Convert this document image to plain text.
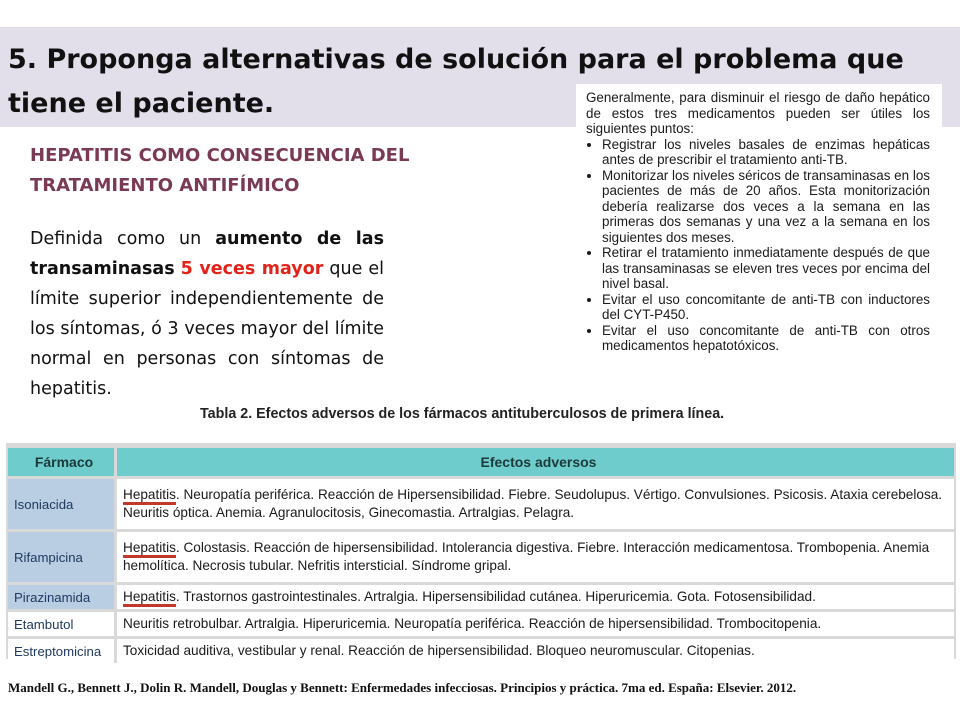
5. Proponga alternativas de solución para el problema que tiene el paciente.
HEPATITIS COMO CONSECUENCIA DEL TRATAMIENTO ANTIFÍMICO

Definida como un aumento de las transaminasas 5 veces mayor que el límite superior independientemente de los síntomas, ó 3 veces mayor del límite normal en personas con síntomas de hepatitis.

Generalmente, para disminuir el riesgo de daño hepático de estos tres medicamentos pueden ser útiles los siguientes puntos:

• Registrar los niveles basales de enzimas hepáticas antes de prescribir el tratamiento anti-TB.
• Monitorizar los niveles séricos de transaminasas en los pacientes de más de 20 años. Esta monitorización debería realizarse dos veces a la semana en las primeras dos semanas y una vez a la semana en los siguientes dos meses.
• Retirar el tratamiento inmediatamente después de que las transaminasas se eleven tres veces por encima del nivel basal.
• Evitar el uso concomitante de anti-TB con inductores del CYT-P450.
• Evitar el uso concomitante de anti-TB con otros medicamentos hepatotóxicos.

Tabla 2. Efectos adversos de los fármacos antituberculosos de primera línea.

Fármaco	Efectos adversos
Isoniacida	Hepatitis. Neuropatía periférica. Reacción de Hipersensibilidad. Fiebre. Seudolupus. Vértigo. Convulsiones. Psicosis. Ataxia cerebelosa. Neuritis óptica. Anemia. Agranulocitosis, Ginecomastia. Artralgias. Pelagra.
Rifampicina	Hepatitis. Colostasis. Reacción de hipersensibilidad. Intolerancia digestiva. Fiebre. Interacción medicamentosa. Trombopenia. Anemia hemolítica. Necrosis tubular. Nefritis intersticial. Síndrome gripal.
Pirazinamida	Hepatitis. Trastornos gastrointestinales. Artralgia. Hipersensibilidad cutánea. Hiperuricemia. Gota. Fotosensibilidad.
Etambutol	Neuritis retrobulbar. Artralgia. Hiperuricemia. Neuropatía periférica. Reacción de hipersensibilidad. Trombocitopenia.
Estreptomicina	Toxicidad auditiva, vestibular y renal. Reacción de hipersensibilidad. Bloqueo neuromuscular. Citopenias.

Mandell G., Bennett J., Dolin R. Mandell, Douglas y Bennett: Enfermedades infecciosas. Principios y práctica. 7ma ed. España: Elsevier. 2012.
